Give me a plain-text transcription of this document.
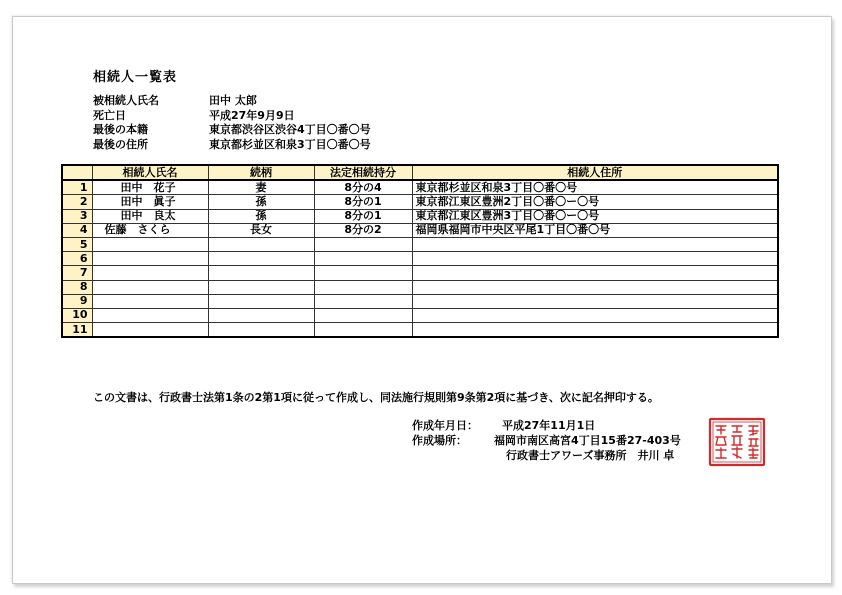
相続人一覧表
被相続人氏名	田中 太郎
死亡日	平成27年9月9日
最後の本籍	東京都渋谷区渋谷4丁目〇番〇号
最後の住所	東京都杉並区和泉3丁目〇番〇号
	相続人氏名	続柄	法定相続持分	相続人住所
1	田中　花子	妻	8分の4	東京都杉並区和泉3丁目〇番〇号
2	田中　眞子	孫	8分の1	東京都江東区豊洲2丁目〇番〇ー〇号
3	田中　良太	孫	8分の1	東京都江東区豊洲3丁目〇番〇ー〇号
4	佐藤　さくら	長女	8分の2	福岡県福岡市中央区平尾1丁目〇番〇号
5				
6				
7				
8				
9				
10				
11				
この文書は、行政書士法第1条の2第1項に従って作成し、同法施行規則第9条第2項に基づき、次に記名押印する。
作成年月日： 平成27年11月1日
作成場所： 福岡市南区高宮4丁目15番27-403号
行政書士アワーズ事務所　井川 卓
